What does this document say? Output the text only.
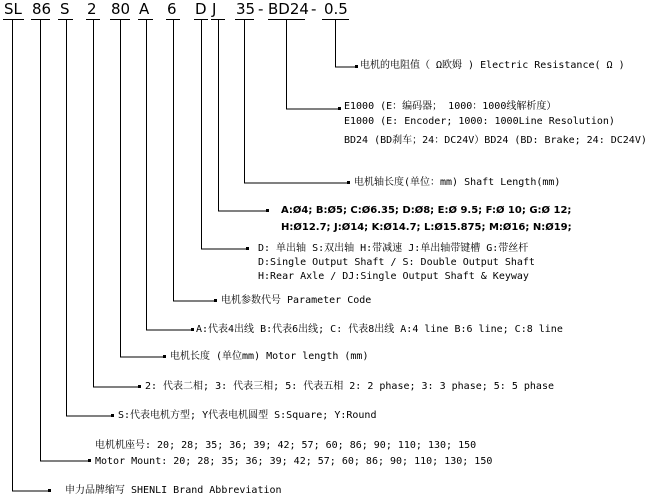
SL 86 S 2 80 A 6 D J 35 - BD24 - 0.5
电机的电阻值（ Ω欧姆 ) Electric Resistance( Ω )
E1000 (E：编码器； 1000：1000线解析度）
E1000 (E: Encoder; 1000: 1000Line Resolution)
BD24 (BD刹车；24：DC24V）BD24 (BD: Brake; 24: DC24V)
电机轴长度(单位：mm) Shaft Length(mm)
A:Ø4; B:Ø5; C:Ø6.35; D:Ø8; E:Ø 9.5; F:Ø 10; G:Ø 12;
H:Ø12.7; J:Ø14; K:Ø14.7; L:Ø15.875; M:Ø16; N:Ø19;
D: 单出轴 S:双出轴 H:带减速 J:单出轴带键槽 G:带丝杆
D:Single Output Shaft / S: Double Output Shaft
H:Rear Axle / DJ:Single Output Shaft & Keyway
电机参数代号 Parameter Code
A:代表4出线 B:代表6出线; C: 代表8出线 A:4 line B:6 line; C:8 line
电机长度 (单位mm) Motor length (mm)
2: 代表二相; 3: 代表三相; 5: 代表五相 2: 2 phase; 3: 3 phase; 5: 5 phase
S:代表电机方型; Y代表电机圆型 S:Square; Y:Round
电机机座号: 20; 28; 35; 36; 39; 42; 57; 60; 86; 90; 110; 130; 150
Motor Mount: 20; 28; 35; 36; 39; 42; 57; 60; 86; 90; 110; 130; 150
申力品牌缩写 SHENLI Brand Abbreviation
